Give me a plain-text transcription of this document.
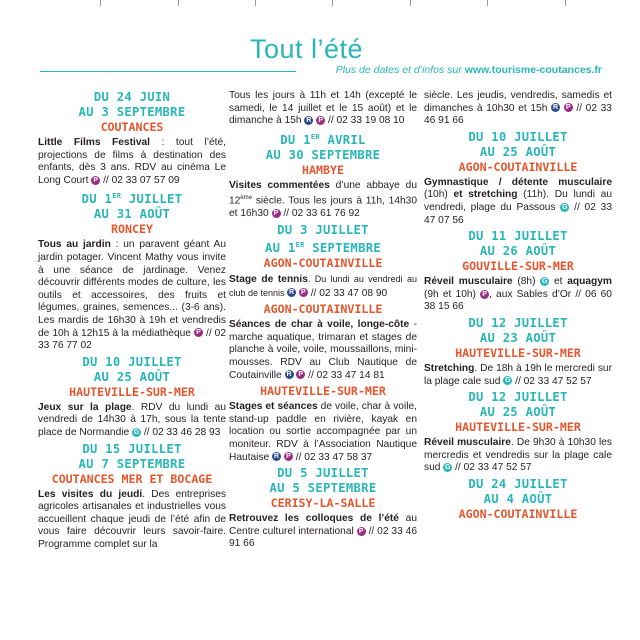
Tout l’été
Plus de dates et d’infos sur www.tourisme-coutances.fr
DU 24 JUIN
AU 3 SEPTEMBRE
COUTANCES

Little Films Festival : tout l’été, projections de films à destination des enfants, dès 3 ans. RDV au cinéma Le Long Court P // 02 33 07 57 09

DU 1ER JUILLET
AU 31 AOÛT
RONCEY

Tous au jardin : un paravent géant Au jardin potager. Vincent Mathy vous invite à une séance de jardinage. Venez découvrir différents modes de culture, les outils et accessoires, des fruits et légumes, graines, semences... (3-6 ans). Les mardis de 16h30 à 19h et vendredis de 10h à 12h15 à la médiathèque P // 02 33 76 77 02

DU 10 JUILLET
AU 25 AOÛT
HAUTEVILLE-SUR-MER

Jeux sur la plage. RDV du lundi au vendredi de 14h30 à 17h, sous la tente place de Normandie G // 02 33 46 28 93

DU 15 JUILLET
AU 7 SEPTEMBRE
COUTANCES MER ET BOCAGE

Les visites du jeudi. Des entreprises agricoles artisanales et industrielles vous accueillent chaque jeudi de l’été afin de vous faire découvrir leurs savoir-faire. Programme complet sur la

Tous les jours à 11h et 14h (excepté le samedi, le 14 juillet et le 15 août) et le dimanche à 15h R P // 02 33 19 08 10

DU 1ER AVRIL
AU 30 SEPTEMBRE
HAMBYE

Visites commentées d’une abbaye du 12ème siècle. Tous les jours à 11h, 14h30 et 16h30 P // 02 33 61 76 92

DU 3 JUILLET
AU 1ER SEPTEMBRE
AGON-COUTAINVILLE

Stage de tennis. Du lundi au vendredi au club de tennis R P // 02 33 47 08 90

AGON-COUTAINVILLE

Séances de char à voile, longe-côte - marche aquatique, trimaran et stages de planche à voile, voile, moussaillons, mini-mousses. RDV au Club Nautique de Coutainville R P // 02 33 47 14 81

HAUTEVILLE-SUR-MER

Stages et séances de voile, char à voile, stand-up paddle en rivière, kayak en location ou sortie accompagnée par un moniteur. RDV à l’Association Nautique Hautaise R P // 02 33 47 58 37

DU 5 JUILLET
AU 5 SEPTEMBRE
CERISY-LA-SALLE

Retrouvez les colloques de l’été au Centre culturel international P // 02 33 46 91 66

siècle. Les jeudis, vendredis, samedis et dimanches à 10h30 et 15h R P // 02 33 46 91 66

DU 10 JUILLET
AU 25 AOÛT
AGON-COUTAINVILLE

Gymnastique / détente musculaire (10h) et stretching (11h). Du lundi au vendredi, plage du Passous G // 02 33 47 07 56

DU 11 JUILLET
AU 26 AOÛT
GOUVILLE-SUR-MER

Réveil musculaire (8h) G et aquagym (9h et 10h) P , aux Sables d’Or // 06 60 38 15 66

DU 12 JUILLET
AU 23 AOÛT
HAUTEVILLE-SUR-MER

Stretching. De 18h à 19h le mercredi sur la plage cale sud G // 02 33 47 52 57

DU 12 JUILLET
AU 25 AOÛT
HAUTEVILLE-SUR-MER

Réveil musculaire. De 9h30 à 10h30 les mercredis et vendredis sur la plage cale sud G // 02 33 47 52 57

DU 24 JUILLET
AU 4 AOÛT
AGON-COUTAINVILLE
